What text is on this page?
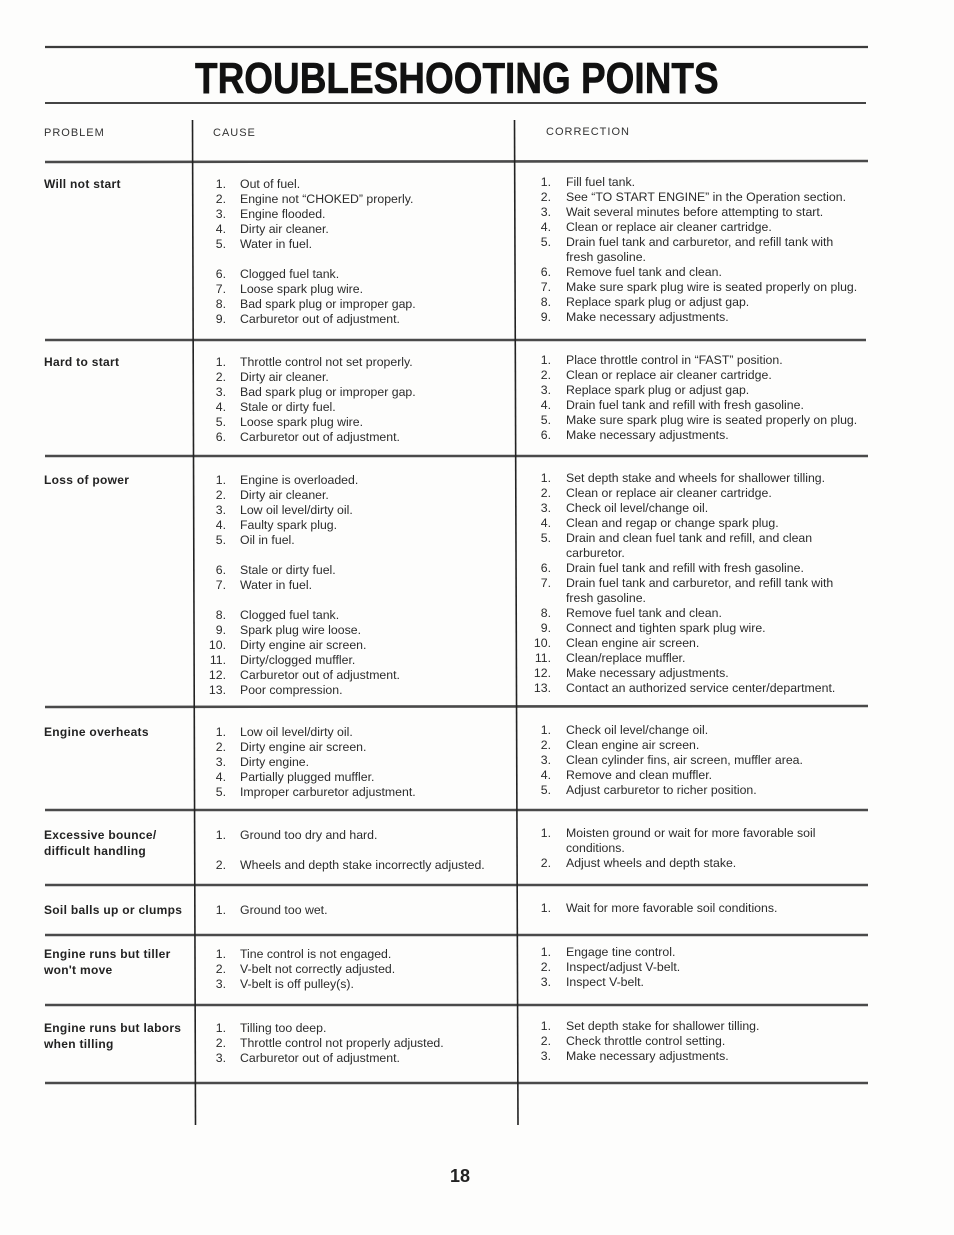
TROUBLESHOOTING POINTS
PROBLEM	CAUSE	CORRECTION
Will not start	1. Out of fuel.	1. Fill fuel tank.
2. Engine not “CHOKED” properly.	2. See “TO START ENGINE” in the Operation section.
3. Engine flooded.	3. Wait several minutes before attempting to start.
4. Dirty air cleaner.	4. Clean or replace air cleaner cartridge.
5. Water in fuel.	5. Drain fuel tank and carburetor, and refill tank with
fresh gasoline.
6. Clogged fuel tank.	6. Remove fuel tank and clean.
7. Loose spark plug wire.	7. Make sure spark plug wire is seated properly on plug.
8. Bad spark plug or improper gap.	8. Replace spark plug or adjust gap.
9. Carburetor out of adjustment.	9. Make necessary adjustments.
Hard to start	1. Throttle control not set properly.	1. Place throttle control in “FAST” position.
2. Dirty air cleaner.	2. Clean or replace air cleaner cartridge.
3. Bad spark plug or improper gap.	3. Replace spark plug or adjust gap.
4. Stale or dirty fuel.	4. Drain fuel tank and refill with fresh gasoline.
5. Loose spark plug wire.	5. Make sure spark plug wire is seated properly on plug.
6. Carburetor out of adjustment.	6. Make necessary adjustments.
Loss of power	1. Engine is overloaded.	1. Set depth stake and wheels for shallower tilling.
2. Dirty air cleaner.	2. Clean or replace air cleaner cartridge.
3. Low oil level/dirty oil.	3. Check oil level/change oil.
4. Faulty spark plug.	4. Clean and regap or change spark plug.
5. Oil in fuel.	5. Drain and clean fuel tank and refill, and clean
carburetor.
6. Stale or dirty fuel.	6. Drain fuel tank and refill with fresh gasoline.
7. Water in fuel.	7. Drain fuel tank and carburetor, and refill tank with
fresh gasoline.
8. Clogged fuel tank.	8. Remove fuel tank and clean.
9. Spark plug wire loose.	9. Connect and tighten spark plug wire.
10. Dirty engine air screen.	10. Clean engine air screen.
11. Dirty/clogged muffler.	11. Clean/replace muffler.
12. Carburetor out of adjustment.	12. Make necessary adjustments.
13. Poor compression.	13. Contact an authorized service center/department.
Engine overheats	1. Low oil level/dirty oil.	1. Check oil level/change oil.
2. Dirty engine air screen.	2. Clean engine air screen.
3. Dirty engine.	3. Clean cylinder fins, air screen, muffler area.
4. Partially plugged muffler.	4. Remove and clean muffler.
5. Improper carburetor adjustment.	5. Adjust carburetor to richer position.
Excessive bounce/
difficult handling
1. Ground too dry and hard.	1. Moisten ground or wait for more favorable soil
conditions.
2. Wheels and depth stake incorrectly adjusted.	2. Adjust wheels and depth stake.
Soil balls up or clumps	1. Ground too wet.	1. Wait for more favorable soil conditions.
Engine runs but tiller
won't move
1. Tine control is not engaged.	1. Engage tine control.
2. V-belt not correctly adjusted.	2. Inspect/adjust V-belt.
3. V-belt is off pulley(s).	3. Inspect V-belt.
Engine runs but labors
when tilling
1. Tilling too deep.	1. Set depth stake for shallower tilling.
2. Throttle control not properly adjusted.	2. Check throttle control setting.
3. Carburetor out of adjustment.	3. Make necessary adjustments.
18
